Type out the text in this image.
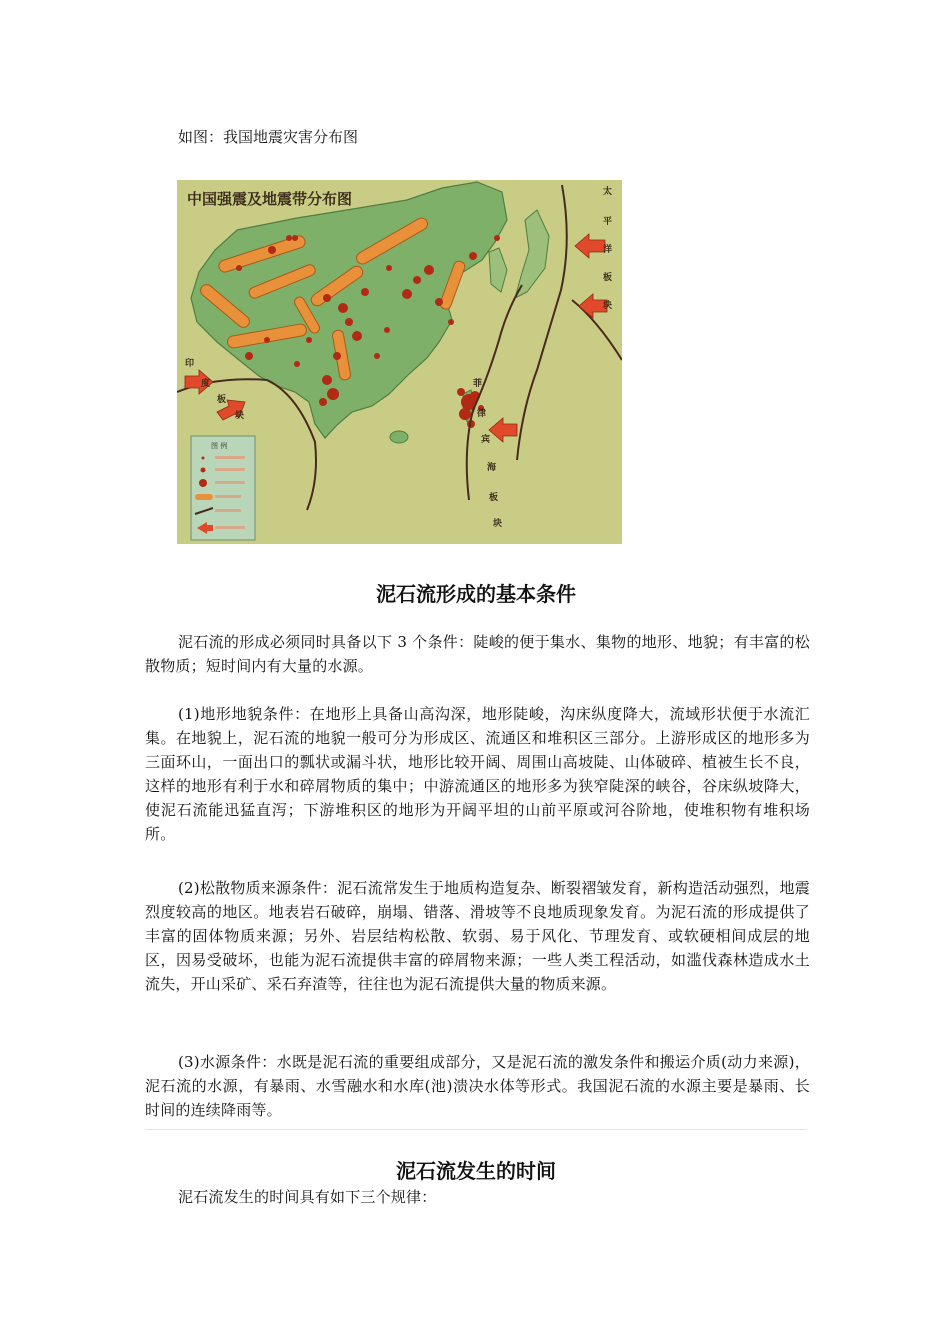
如图：我国地震灾害分布图
中国强震及地震带分布图	太
平
洋
板
块
印
度
板
块
菲
律
宾
海
板
块
图 例
泥石流形成的基本条件

泥石流的形成必须同时具备以下 3 个条件：陡峻的便于集水、集物的地形、地貌；有丰富的松散物质；短时间内有大量的水源。

(1)地形地貌条件：在地形上具备山高沟深，地形陡峻，沟床纵度降大，流域形状便于水流汇集。在地貌上，泥石流的地貌一般可分为形成区、流通区和堆积区三部分。上游形成区的地形多为三面环山，一面出口的瓢状或漏斗状，地形比较开阔、周围山高坡陡、山体破碎、植被生长不良，这样的地形有利于水和碎屑物质的集中；中游流通区的地形多为狭窄陡深的峡谷，谷床纵坡降大，使泥石流能迅猛直泻；下游堆积区的地形为开阔平坦的山前平原或河谷阶地，使堆积物有堆积场所。

(2)松散物质来源条件：泥石流常发生于地质构造复杂、断裂褶皱发育，新构造活动强烈，地震烈度较高的地区。地表岩石破碎，崩塌、错落、滑坡等不良地质现象发育。为泥石流的形成提供了丰富的固体物质来源；另外、岩层结构松散、软弱、易于风化、节理发育、或软硬相间成层的地区，因易受破坏，也能为泥石流提供丰富的碎屑物来源；一些人类工程活动，如滥伐森林造成水土流失，开山采矿、采石弃渣等，往往也为泥石流提供大量的物质来源。

(3)水源条件：水既是泥石流的重要组成部分，又是泥石流的激发条件和搬运介质(动力来源)，泥石流的水源，有暴雨、水雪融水和水库(池)溃决水体等形式。我国泥石流的水源主要是暴雨、长时间的连续降雨等。

泥石流发生的时间

泥石流发生的时间具有如下三个规律：
